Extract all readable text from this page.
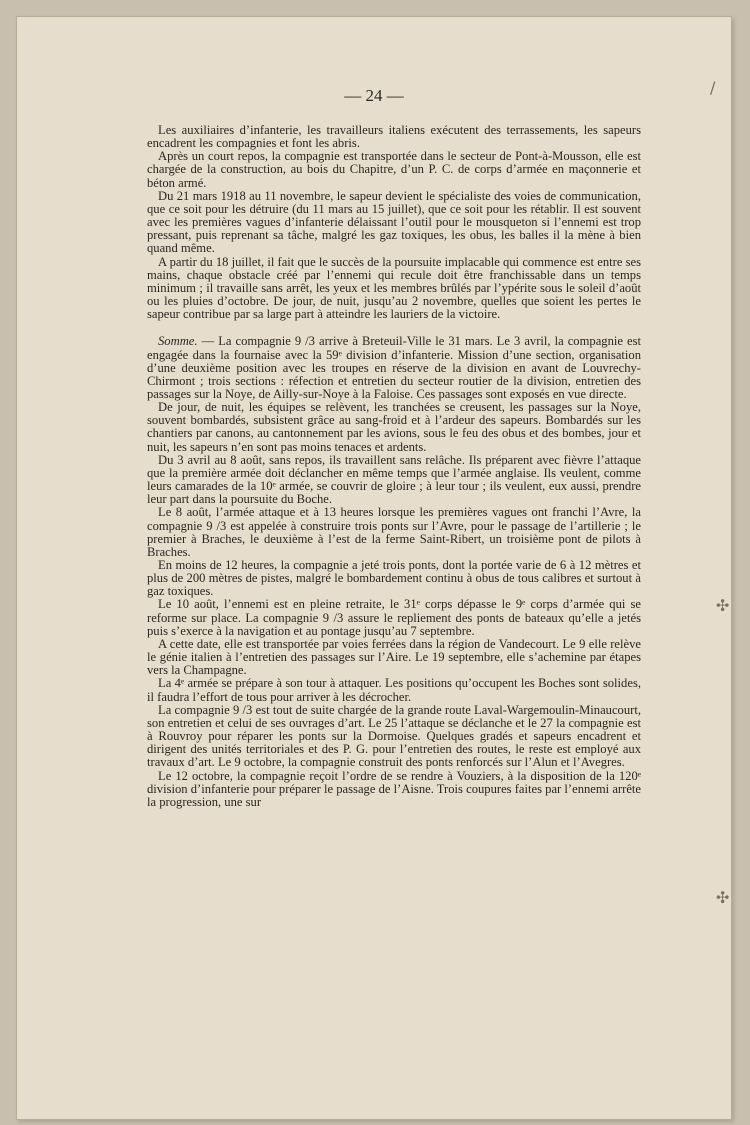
— 24 —

Les auxiliaires d’infanterie, les travailleurs italiens exécutent des terrassements, les sapeurs encadrent les compagnies et font les abris.

Après un court repos, la compagnie est transportée dans le secteur de Pont-à-Mousson, elle est chargée de la construction, au bois du Chapitre, d’un P. C. de corps d’armée en maçonnerie et béton armé.

Du 21 mars 1918 au 11 novembre, le sapeur devient le spécialiste des voies de communication, que ce soit pour les détruire (du 11 mars au 15 juillet), que ce soit pour les rétablir. Il est souvent avec les premières vagues d’infanterie délaissant l’outil pour le mousqueton si l’ennemi est trop pressant, puis reprenant sa tâche, malgré les gaz toxiques, les obus, les balles il la mène à bien quand même.

A partir du 18 juillet, il fait que le succès de la poursuite implacable qui commence est entre ses mains, chaque obstacle créé par l’ennemi qui recule doit être franchissable dans un temps minimum ; il travaille sans arrêt, les yeux et les membres brûlés par l’ypérite sous le soleil d’août ou les pluies d’octobre. De jour, de nuit, jusqu’au 2 novembre, quelles que soient les pertes le sapeur contribue par sa large part à atteindre les lauriers de la victoire.

Somme. — La compagnie 9 /3 arrive à Breteuil-Ville le 31 mars. Le 3 avril, la compagnie est engagée dans la fournaise avec la 59ᵉ division d’infanterie. Mission d’une section, organisation d’une deuxième position avec les troupes en réserve de la division en avant de Louvrechy-Chirmont ; trois sections : réfection et entretien du secteur routier de la division, entretien des passages sur la Noye, de Ailly-sur-Noye à la Faloise. Ces passages sont exposés en vue directe.

De jour, de nuit, les équipes se relèvent, les tranchées se creusent, les passages sur la Noye, souvent bombardés, subsistent grâce au sang-froid et à l’ardeur des sapeurs. Bombardés sur les chantiers par canons, au cantonnement par les avions, sous le feu des obus et des bombes, jour et nuit, les sapeurs n’en sont pas moins tenaces et ardents.

Du 3 avril au 8 août, sans repos, ils travaillent sans relâche. Ils préparent avec fièvre l’attaque que la première armée doit déclancher en même temps que l’armée anglaise. Ils veulent, comme leurs camarades de la 10ᵉ armée, se couvrir de gloire ; à leur tour ; ils veulent, eux aussi, prendre leur part dans la poursuite du Boche.

Le 8 août, l’armée attaque et à 13 heures lorsque les premières vagues ont franchi l’Avre, la compagnie 9 /3 est appelée à construire trois ponts sur l’Avre, pour le passage de l’artillerie ; le premier à Braches, le deuxième à l’est de la ferme Saint-Ribert, un troisième pont de pilots à Braches.

En moins de 12 heures, la compagnie a jeté trois ponts, dont la portée varie de 6 à 12 mètres et plus de 200 mètres de pistes, malgré le bombardement continu à obus de tous calibres et surtout à gaz toxiques.

Le 10 août, l’ennemi est en pleine retraite, le 31ᵉ corps dépasse le 9ᵉ corps d’armée qui se reforme sur place. La compagnie 9 /3 assure le repliement des ponts de bateaux qu’elle a jetés puis s’exerce à la navigation et au pontage jusqu’au 7 septembre.

A cette date, elle est transportée par voies ferrées dans la région de Vandecourt. Le 9 elle relève le génie italien à l’entretien des passages sur l’Aire. Le 19 septembre, elle s’achemine par étapes vers la Champagne.

La 4ᵉ armée se prépare à son tour à attaquer. Les positions qu’occupent les Boches sont solides, il faudra l’effort de tous pour arriver à les décrocher.

La compagnie 9 /3 est tout de suite chargée de la grande route Laval-Wargemoulin-Minaucourt, son entretien et celui de ses ouvrages d’art. Le 25 l’attaque se déclanche et le 27 la compagnie est à Rouvroy pour réparer les ponts sur la Dormoise. Quelques gradés et sapeurs encadrent et dirigent des unités territoriales et des P. G. pour l’entretien des routes, le reste est employé aux travaux d’art. Le 9 octobre, la compagnie construit des ponts renforcés sur l’Alun et l’Avegres.

Le 12 octobre, la compagnie reçoit l’ordre de se rendre à Vouziers, à la disposition de la 120ᵉ division d’infanterie pour préparer le passage de l’Aisne. Trois coupures faites par l’ennemi arrête la progression, une sur

/
✣
✣
